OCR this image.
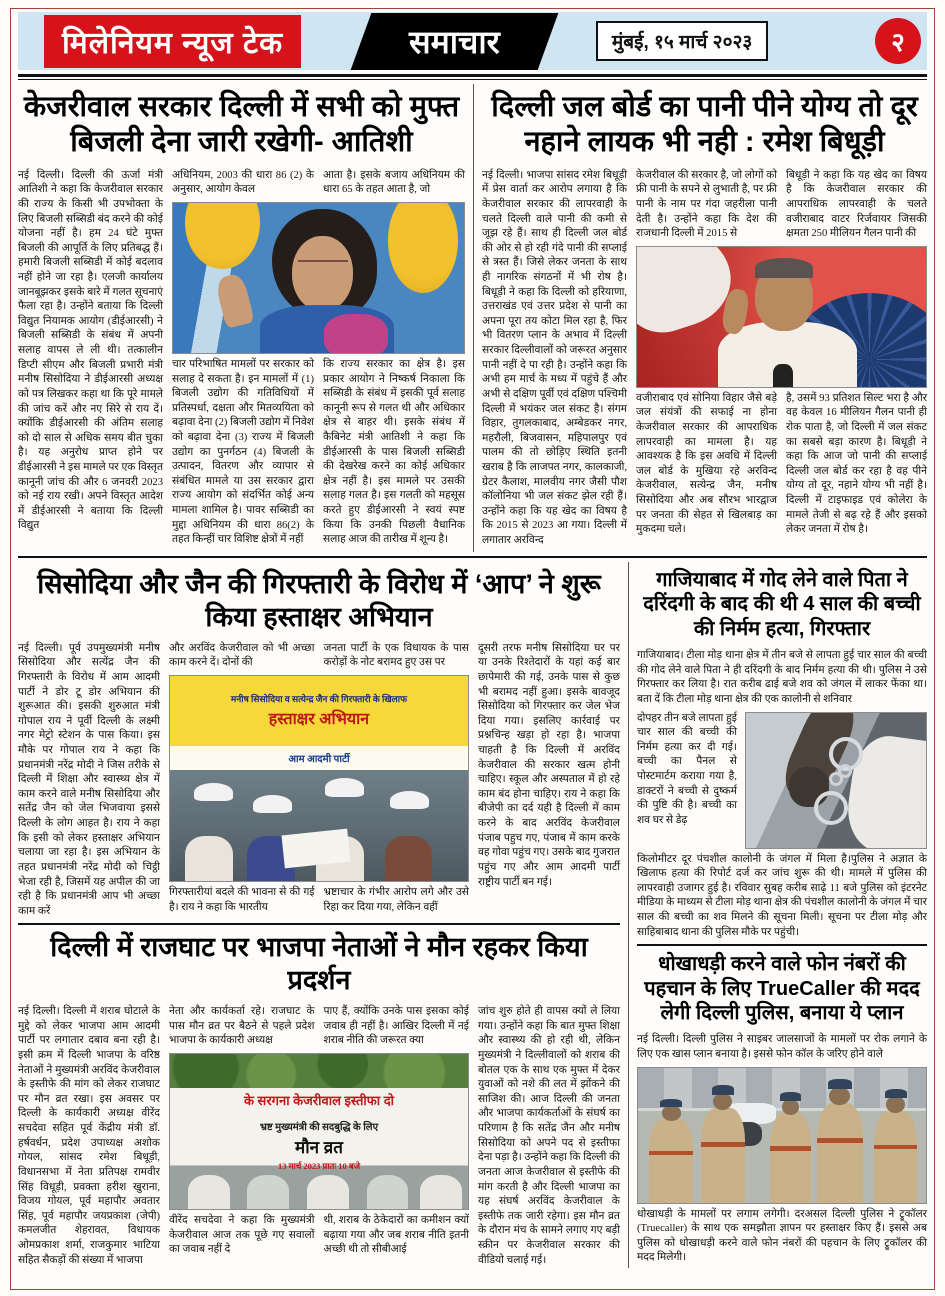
मिलेनियम न्यूज टेक	समाचार	मुंबई, १५ मार्च २०२३	२
केजरीवाल सरकार दिल्ली में सभी को मुफ्त बिजली देना जारी रखेगी- आतिशी
नई दिल्ली। दिल्ली की ऊर्जा मंत्री आतिशी ने कहा कि केजरीवाल सरकार की राज्य के किसी भी उपभोक्ता के लिए बिजली सब्सिडी बंद करने की कोई योजना नहीं है। हम 24 घंटे मुफ्त बिजली की आपूर्ति के लिए प्रतिबद्ध हैं। हमारी बिजली सब्सिडी में कोई बदलाव नहीं होने जा रहा है। एलजी कार्यालय जानबूझकर इसके बारे में गलत सूचनाएं फैला रहा है। उन्होंने बताया कि दिल्ली विद्युत नियामक आयोग (डीईआरसी) ने बिजली सब्सिडी के संबंध में अपनी सलाह वापस ले ली थी। तत्कालीन डिप्टी सीएम और बिजली प्रभारी मंत्री मनीष सिसोदिया ने डीईआरसी अध्यक्ष को पत्र लिखकर कहा था कि पूरे मामले की जांच करें और नए सिरे से राय दें। क्योंकि डीईआरसी की अंतिम सलाह को दो साल से अधिक समय बीत चुका है। यह अनुरोध प्राप्त होने पर डीईआरसी ने इस मामले पर एक विस्तृत कानूनी जांच की और 6 जनवरी 2023 को नई राय रखी। अपने विस्तृत आदेश में डीईआरसी ने बताया कि दिल्ली विद्युत
अधिनियम, 2003 की धारा 86 (2) के अनुसार, आयोग केवल
आता है। इसके बजाय अधिनियम की धारा 65 के तहत आता है, जो
चार परिभाषित मामलों पर सरकार को सलाह दे सकता है। इन मामलों में (1) बिजली उद्योग की गतिविधियों में प्रतिस्पर्धा, दक्षता और मितव्ययिता को बढ़ावा देना (2) बिजली उद्योग में निवेश को बढ़ावा देना (3) राज्य में बिजली उद्योग का पुनर्गठन (4) बिजली के उत्पादन, वितरण और व्यापार से संबंधित मामले या उस सरकार द्वारा राज्य आयोग को संदर्भित कोई अन्य मामला शामिल है। पावर सब्सिडी का मुद्दा अधिनियम की धारा 86(2) के तहत किन्हीं चार विशिष्ट क्षेत्रों में नहीं
कि राज्य सरकार का क्षेत्र है। इस प्रकार आयोग ने निष्कर्ष निकाला कि सब्सिडी के संबंध में इसकी पूर्व सलाह कानूनी रूप से गलत थी और अधिकार क्षेत्र से बाहर थी। इसके संबंध में कैबिनेट मंत्री आतिशी ने कहा कि डीईआरसी के पास बिजली सब्सिडी की देखरेख करने का कोई अधिकार क्षेत्र नहीं है। इस मामले पर उसकी सलाह गलत है। इस गलती को महसूस करते हुए डीईआरसी ने स्वयं स्पष्ट किया कि उनकी पिछली वैधानिक सलाह आज की तारीख में शून्य है।
दिल्ली जल बोर्ड का पानी पीने योग्य तो दूर नहाने लायक भी नही : रमेश बिधूड़ी
नई दिल्ली। भाजपा सांसद रमेश बिधूड़ी में प्रेस वार्ता कर आरोप लगाया है कि केजरीवाल सरकार की लापरवाही के चलते दिल्ली वाले पानी की कमी से जूझ रहे हैं। साथ ही दिल्ली जल बोर्ड की ओर से हो रही गंदे पानी की सप्लाई से त्रस्त हैं। जिसे लेकर जनता के साथ ही नागरिक संगठनों में भी रोष है। बिधूड़ी ने कहा कि दिल्ली को हरियाणा, उत्तराखंड एवं उत्तर प्रदेश से पानी का अपना पूरा तय कोटा मिल रहा है, फिर भी वितरण प्लान के अभाव में दिल्ली सरकार दिल्लीवालों को जरूरत अनुसार पानी नहीं दे पा रही है। उन्होंने कहा कि अभी हम मार्च के मध्य में पहुंचे हैं और अभी से दक्षिण पूर्वी एवं दक्षिण पश्चिमी दिल्ली में भयंकर जल संकट है। संगम विहार, तुगलकाबाद, अम्बेडकर नगर, महरौली, बिजवासन, महिपालपुर एवं पालम की तो छोड़िए स्थिति इतनी खराब है कि लाजपत नगर, कालकाजी, ग्रेटर कैलाश, मालवीय नगर जैसी पौश कॉलोनिया भी जल संकट झेल रही हैं। उन्होंने कहा कि यह खेद का विषय है कि 2015 से 2023 आ गया। दिल्ली में लगातार अरविन्द
केजरीवाल की सरकार है, जो लोगों को फ्री पानी के सपने से लुभाती है, पर फ्री पानी के नाम पर गंदा जहरीला पानी देती है। उन्होंने कहा कि देश की राजधानी दिल्ली में 2015 से
बिधूड़ी ने कहा कि यह खेद का विषय है कि केजरीवाल सरकार की आपराधिक लापरवाही के चलते वजीराबाद वाटर रिर्जवायर जिसकी क्षमता 250 मीलियन गैलन पानी की
वजीराबाद एवं सोनिया विहार जैसे बड़े जल संयंत्रों की सफाई ना होना केजरीवाल सरकार की आपराधिक लापरवाही का मामला है। यह आवश्यक है कि इस अवधि में दिल्ली जल बोर्ड के मुखिया रहे अरविन्द केजरीवाल, सत्येन्द्र जैन, मनीष सिसोदिया और अब सौरभ भारद्वाज पर जनता की सेहत से खिलबाड़ का मुकदमा चले।
है, उसमें 93 प्रतिशत सिल्ट भरा है और वह केवल 16 मीलियन गैलन पानी ही रोक पाता है, जो दिल्ली में जल संकट का सबसे बड़ा कारण है। बिधूड़ी ने कहा कि आज जो पानी की सप्लाई दिल्ली जल बोर्ड कर रहा है वह पीने योग्य तो दूर, नहाने योग्य भी नहीं है। दिल्ली में टाइफाइड एवं कोलेरा के मामले तेजी से बढ़ रहे हैं और इसको लेकर जनता में रोष है।
सिसोदिया और जैन की गिरफ्तारी के विरोध में ‘आप’ ने शुरू किया हस्ताक्षर अभियान
नई दिल्ली। पूर्व उपमुख्यमंत्री मनीष सिसोदिया और सत्येंद्र जैन की गिरफ्तारी के विरोध में आम आदमी पार्टी ने डोर टू डोर अभियान की शुरूआत की। इसकी शुरुआत मंत्री गोपाल राय ने पूर्वी दिल्ली के लक्ष्मी नगर मेट्रो स्टेशन के पास किया। इस मौके पर गोपाल राय ने कहा कि प्रधानमंत्री नरेंद्र मोदी ने जिस तरीके से दिल्ली में शिक्षा और स्वास्थ्य क्षेत्र में काम करने वाले मनीष सिसोदिया और सतेंद्र जैन को जेल भिजवाया इससे दिल्ली के लोग आहत है। राय ने कहा कि इसी को लेकर हस्ताक्षर अभियान चलाया जा रहा है। इस अभियान के तहत प्रधानमंत्री नरेंद्र मोदी को चिट्ठी भेजा रही है, जिसमें यह अपील की जा रही है कि प्रधानमंत्री आप भी अच्छा काम करें
और अरविंद केजरीवाल को भी अच्छा काम करने दें। दोनों की
जनता पार्टी के एक विधायक के पास करोड़ों के नोट बरामद हुए उस पर
मनीष सिसोदिया व सत्येन्द्र जैन की गिरफ्तारी के खिलाफ
हस्ताक्षर अभियान
आम आदमी पार्टी
गिरफ्तारीयां बदले की भावना से की गई है। राय ने कहा कि भारतीय
भ्रष्टाचार के गंभीर आरोप लगे और उसे रिहा कर दिया गया, लेकिन वहीं
दूसरी तरफ मनीष सिसोदिया घर पर या उनके रिश्तेदारों के यहां कई बार छापेमारी की गई, उनके पास से कुछ भी बरामद नहीं हुआ। इसके बावजूद सिसोदिया को गिरफ्तार कर जेल भेज दिया गया। इसलिए कार्रवाई पर प्रश्नचिन्ह खड़ा हो रहा है। भाजपा चाहती है कि दिल्ली में अरविंद केजरीवाल की सरकार खत्म होनी चाहिए। स्कूल और अस्पताल में हो रहे काम बंद होना चाहिए। राय ने कहा कि बीजेपी का दर्द यही है दिल्ली में काम करने के बाद अरविंद केजरीवाल पंजाब पहुच गए, पंजाब में काम करके वह गोवा पहुंच गए। उसके बाद गुजरात पहुंच गए और आम आदमी पार्टी राष्ट्रीय पार्टी बन गई।
दिल्ली में राजघाट पर भाजपा नेताओं ने मौन रहकर किया प्रदर्शन
नई दिल्ली। दिल्ली में शराब घोटाले के मुद्दे को लेकर भाजपा आम आदमी पार्टी पर लगातार दबाव बना रही है। इसी क्रम में दिल्ली भाजपा के वरिष्ठ नेताओं ने मुख्यमंत्री अरविंद केजरीवाल के इस्तीफे की मांग को लेकर राजघाट पर मौन व्रत रखा। इस अवसर पर दिल्ली के कार्यकारी अध्यक्ष वीरेंद सचदेवा सहित पूर्व केंद्रीय मंत्री डॉ. हर्षवर्धन, प्रदेश उपाध्यक्ष अशोक गोयल, सांसद रमेश बिधूड़ी, विधानसभा में नेता प्रतिपक्ष रामवीर सिंह विधूड़ी, प्रवक्ता हरीश खुराना, विजय गोयल, पूर्व महापौर अवतार सिंह, पूर्व महापौर जयप्रकाश (जेपी) कमलजीत शेहरावत, विधायक ओमप्रकाश शर्मा, राजकुमार भाटिया सहित सैकड़ों की संख्या में भाजपा
नेता और कार्यकर्ता रहे। राजघाट के पास मौन व्रत पर बैठने से पहले प्रदेश भाजपा के कार्यकारी अध्यक्ष
पाए हैं, क्योंकि उनके पास इसका कोई जवाब ही नहीं है। आखिर दिल्ली में नई शराब नीति की जरूरत क्या
के सरगना केजरीवाल इस्तीफा दो
भ्रष्ट मुख्यमंत्री की सदबुद्धि के लिए
मौन व्रत
13 मार्च 2023 प्रातः 10 बजे
वीरेंद सचदेवा ने कहा कि मुख्यमंत्री केजरीवाल आज तक पूछे गए सवालों का जवाब नहीं दे
थी, शराब के ठेकेदारों का कमीशन क्यों बढ़ाया गया और जब शराब नीति इतनी अच्छी थी तो सीबीआई
जांच शुरु होते ही वापस क्यों ले लिया गया। उन्होंने कहा कि बात मुफ्त शिक्षा और स्वास्थ्य की हो रही थी, लेकिन मुख्यमंत्री ने दिल्लीवालों को शराब की बोतल एक के साथ एक मुफ्त में देकर युवाओं को नशे की लत में झोंकने की साजिश की। आज दिल्ली की जनता और भाजपा कार्यकर्ताओं के संघर्ष का परिणाम है कि सतेंद्र जैन और मनीष सिसोदिया को अपने पद से इस्तीफा देना पड़ा है। उन्होंने कहा कि दिल्ली की जनता आज केजरीवाल से इस्तीफे की मांग करती है और दिल्ली भाजपा का यह संघर्ष अरविंद केजरीवाल के इस्तीफे तक जारी रहेगा। इस मौन व्रत के दौरान मंच के सामने लगाए गए बड़ी स्क्रीन पर केजरीवाल सरकार की वीडियो चलाई गई।
गाजियाबाद में गोद लेने वाले पिता ने दरिंदगी के बाद की थी 4 साल की बच्ची की निर्मम हत्या, गिरफ्तार
गाजियाबाद। टीला मोड़ थाना क्षेत्र में तीन बजे से लापता हुई चार साल की बच्ची की गोद लेने वाले पिता ने ही दरिंदगी के बाद निर्मम हत्या की थी। पुलिस ने उसे गिरफ्तार कर लिया है। रात करीब ढाई बजे शव को जंगल में लाकर फेंका था।बता दें कि टीला मोड़ थाना क्षेत्र की एक कालोनी से शनिवार
दोपहर तीन बजे लापता हुई चार साल की बच्ची की निर्मम हत्या कर दी गई। बच्ची का पैनल से पोस्टमार्टम कराया गया है, डाक्टरों ने बच्ची से दुष्कर्म की पुष्टि की है। बच्ची का शव घर से डेढ़
किलोमीटर दूर पंचशील कालोनी के जंगल में मिला है।पुलिस ने अज्ञात के खिलाफ हत्या की रिपोर्ट दर्ज कर जांच शुरू की थी। मामले में पुलिस की लापरवाही उजागर हुई है। रविवार सुबह करीब साढ़े 11 बजे पुलिस को इंटरनेट मीडिया के माध्यम से टीला मोड़ थाना क्षेत्र की पंचशील कालोनी के जंगल में चार साल की बच्ची का शव मिलने की सूचना मिली। सूचना पर टीला मोड़ और साहिबाबाद थाना की पुलिस मौके पर पहुंची।
धोखाधड़ी करने वाले फोन नंबरों की पहचान के लिए TrueCaller की मदद लेगी दिल्ली पुलिस, बनाया ये प्लान
नई दिल्ली। दिल्ली पुलिस ने साइबर जालसाजों के मामलों पर रोक लगाने के लिए एक खास प्लान बनाया है। इससे फोन कॉल के जरिए होने वाले
धोखाधड़ी के मामलों पर लगाम लगेगी। दरअसल दिल्ली पुलिस ने ट्रूकॉलर (Truecaller) के साथ एक समझौता ज्ञापन पर हस्ताक्षर किए हैं। इससे अब पुलिस को धोखाधड़ी करने वाले फोन नंबरों की पहचान के लिए ट्रूकॉलर की मदद मिलेगी।
